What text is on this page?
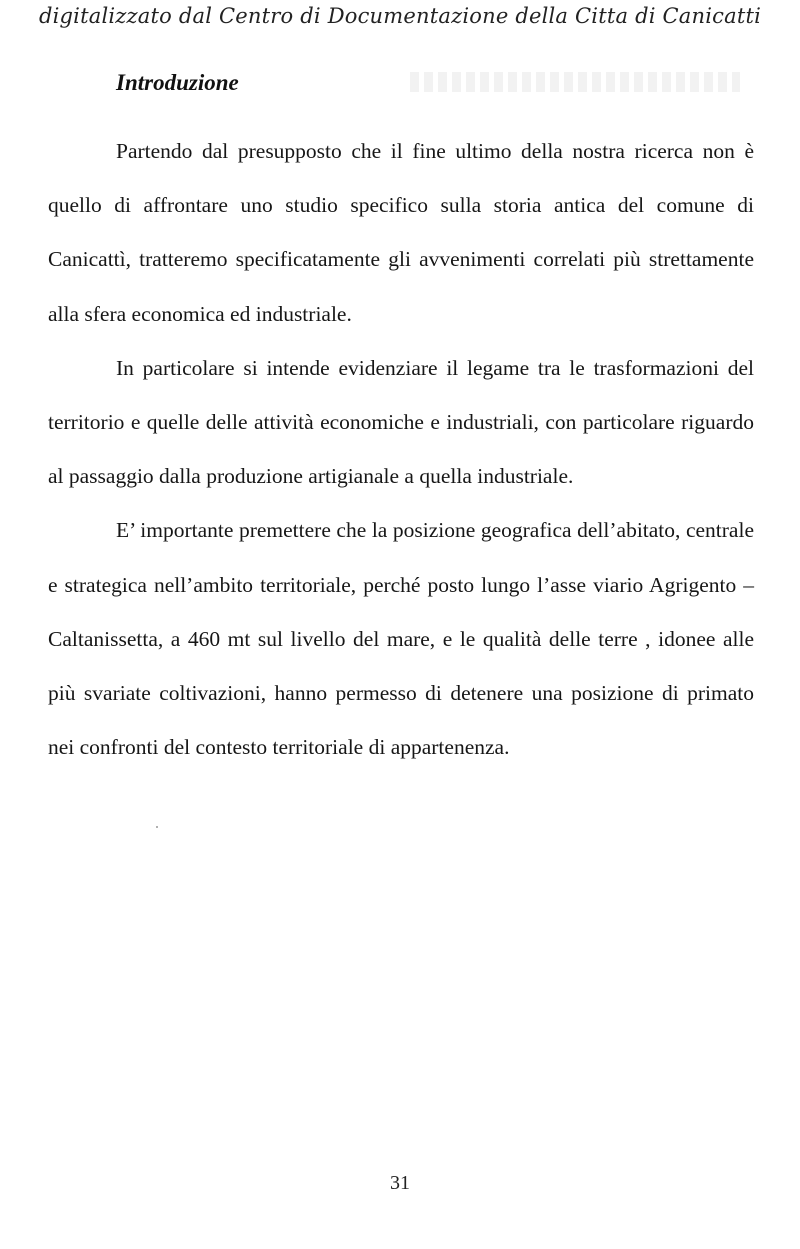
digitalizzato dal Centro di Documentazione della Citta di Canicatti
Introduzione

Partendo dal presupposto che il fine ultimo della nostra ricerca non è quello di affrontare uno studio specifico sulla storia antica del comune di Canicattì, tratteremo specificatamente gli avvenimenti correlati più strettamente alla sfera economica ed industriale.

In particolare si intende evidenziare il legame tra le trasformazioni del territorio e quelle delle attività economiche e industriali, con particolare riguardo al passaggio dalla produzione artigianale a quella industriale.

E’ importante premettere che la posizione geografica dell’abitato, centrale e strategica nell’ambito territoriale, perché posto lungo l’asse viario Agrigento – Caltanissetta, a 460 mt sul livello del mare, e le qualità delle terre , idonee alle più svariate coltivazioni, hanno permesso di detenere una posizione di primato nei confronti del contesto territoriale di appartenenza.

31
